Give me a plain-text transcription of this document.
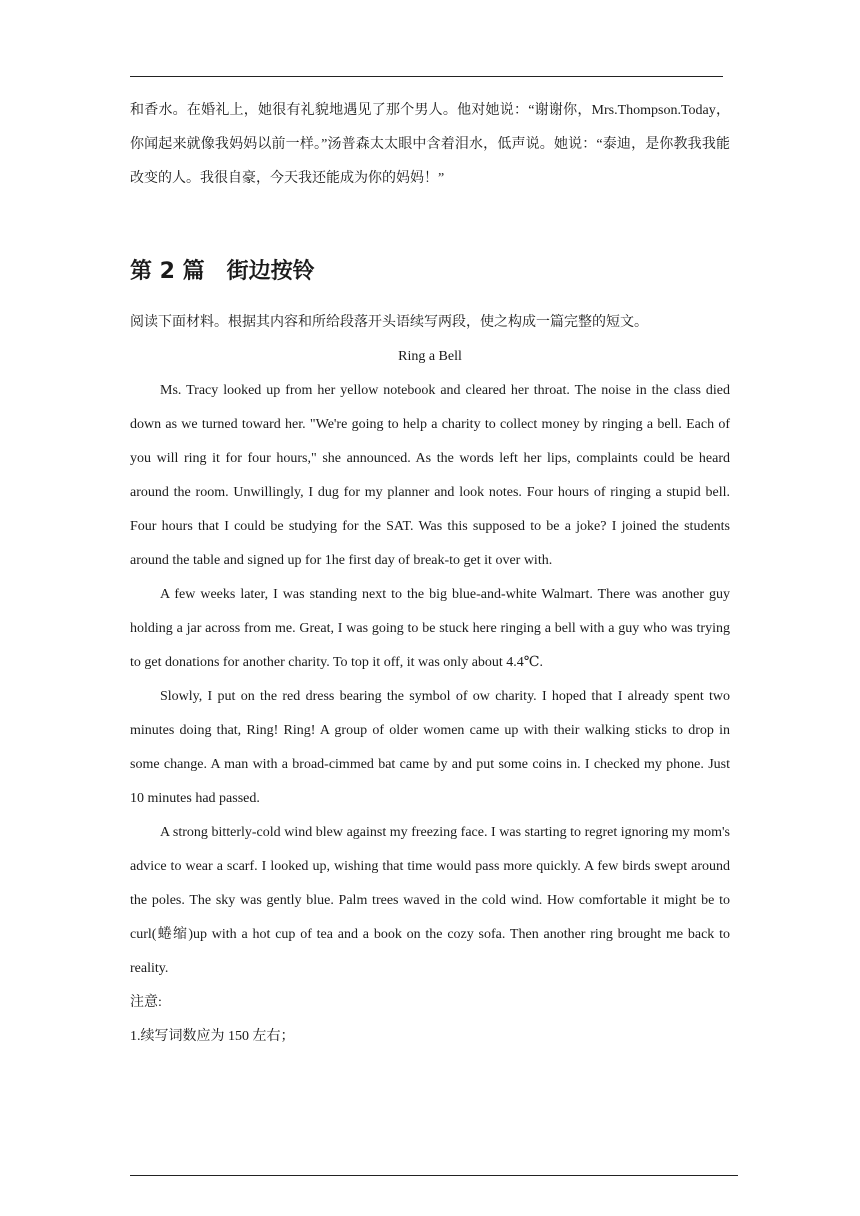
和香水。在婚礼上，她很有礼貌地遇见了那个男人。他对她说：“谢谢你，Mrs.Thompson.Today，你闻起来就像我妈妈以前一样。”汤普森太太眼中含着泪水，低声说。她说：“泰迪，是你教我我能改变的人。我很自豪，今天我还能成为你的妈妈！”

第 2 篇 街边按铃

阅读下面材料。根据其内容和所给段落开头语续写两段，使之构成一篇完整的短文。

Ring a Bell

Ms. Tracy looked up from her yellow notebook and cleared her throat. The noise in the class died down as we turned toward her. "We're going to help a charity to collect money by ringing a bell. Each of you will ring it for four hours," she announced. As the words left her lips, complaints could be heard around the room. Unwillingly, I dug for my planner and look notes. Four hours of ringing a stupid bell. Four hours that I could be studying for the SAT. Was this supposed to be a joke? I joined the students around the table and signed up for 1he first day of break-to get it over with.

A few weeks later, I was standing next to the big blue-and-white Walmart. There was another guy holding a jar across from me. Great, I was going to be stuck here ringing a bell with a guy who was trying to get donations for another charity. To top it off, it was only about 4.4℃.

Slowly, I put on the red dress bearing the symbol of ow charity. I hoped that I already spent two minutes doing that, Ring! Ring! A group of older women came up with their walking sticks to drop in some change. A man with a broad-cimmed bat came by and put some coins in. I checked my phone. Just 10 minutes had passed.

A strong bitterly-cold wind blew against my freezing face. I was starting to regret ignoring my mom's advice to wear a scarf. I looked up, wishing that time would pass more quickly. A few birds swept around the poles. The sky was gently blue. Palm trees waved in the cold wind. How comfortable it might be to curl(蜷缩)up with a hot cup of tea and a book on the cozy sofa. Then another ring brought me back to reality.

注意:

1.续写词数应为 150 左右；
